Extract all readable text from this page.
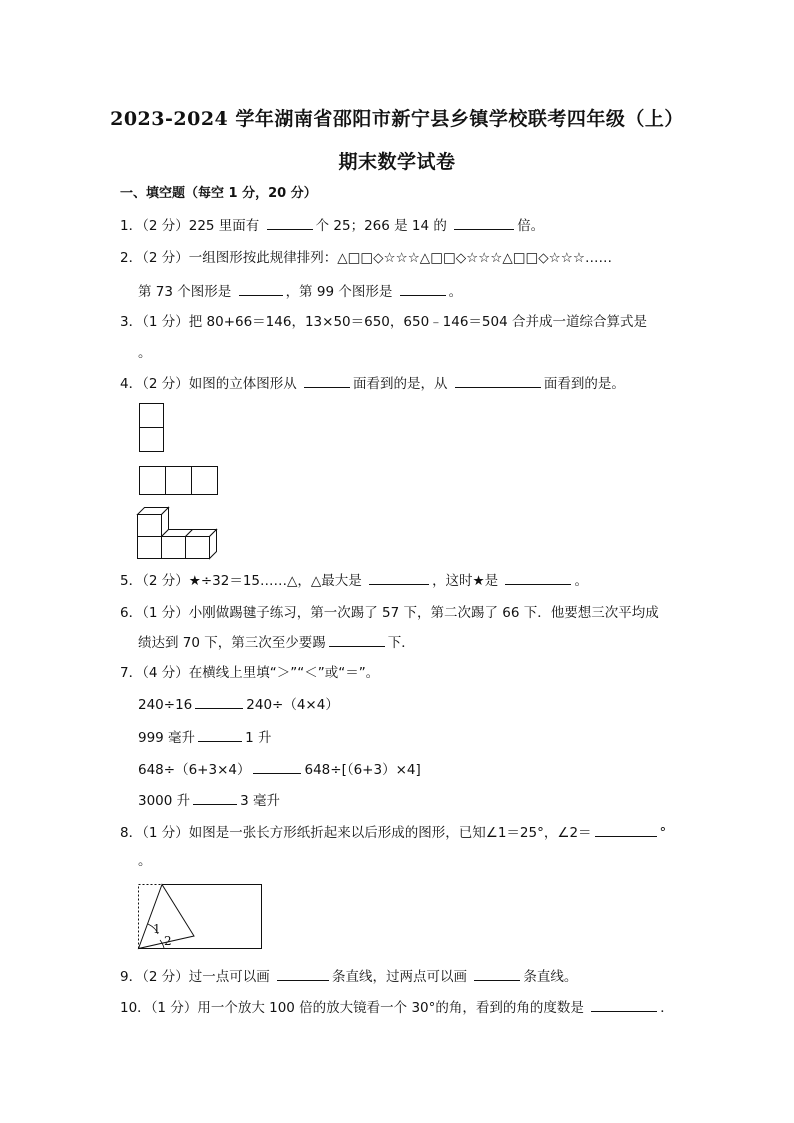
2023-2024 学年湖南省邵阳市新宁县乡镇学校联考四年级（上）
期末数学试卷
一、填空题（每空 1 分，20 分）
1．（2 分）225 里面有	个 25；266 是 14 的	倍。
2．（2 分）一组图形按此规律排列：△□□◇☆☆☆△□□◇☆☆☆△□□◇☆☆☆……
第 73 个图形是	，第 99 个图形是	。
3．（1 分）把 80+66＝146，13×50＝650，650﹣146＝504 合并成一道综合算式是
。
4．（2 分）如图的立体图形从	面看到的是，从	面看到的是。
5．（2 分）★÷32＝15……△，△最大是	，这时★是	。
6．（1 分）小刚做踢毽子练习，第一次踢了 57 下，第二次踢了 66 下．他要想三次平均成
绩达到 70 下，第三次至少要踢	下．
7．（4 分）在横线上里填“＞”“＜”或“＝”。
240÷16	240÷（4×4）
999 毫升	1 升
648÷（6+3×4）	648÷[（6+3）×4]
3000 升	3 毫升
8．（1 分）如图是一张长方形纸折起来以后形成的图形，已知∠1＝25°，∠2＝	°
。
1
2
9．（2 分）过一点可以画	条直线，过两点可以画	条直线。
10．（1 分）用一个放大 100 倍的放大镜看一个 30°的角，看到的角的度数是	．
